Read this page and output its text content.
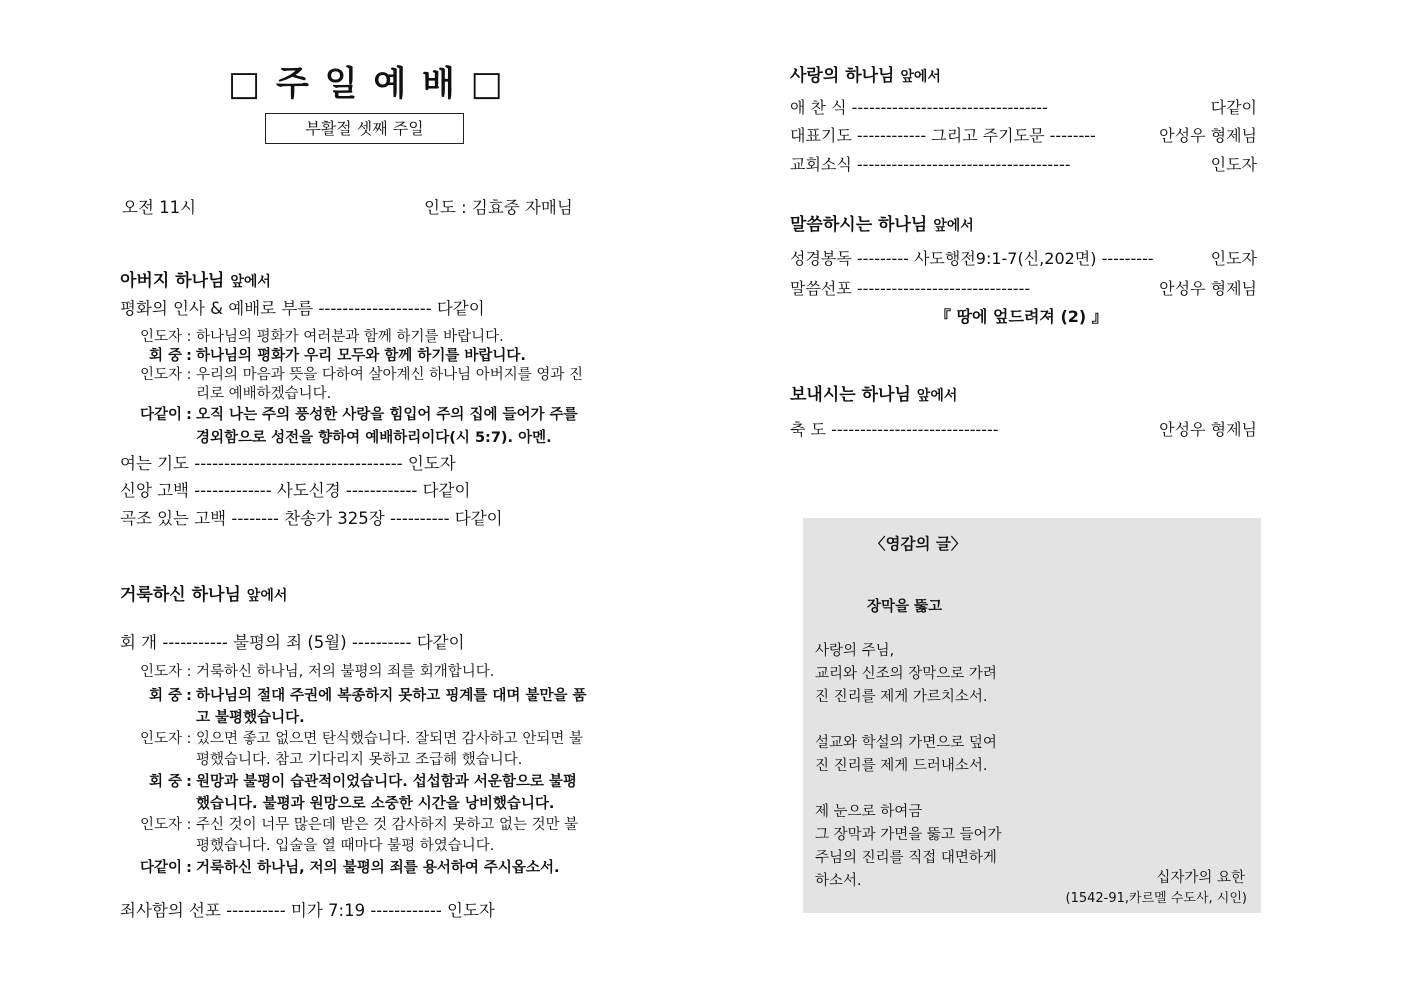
□ 주 일 예 배 □
부활절 셋째 주일
오전 11시	인도 : 김효중 자매님
아버지 하나님 앞에서
평화의 인사 & 예배로 부름 ------------------- 다같이
인도자 : 하나님의 평화가 여러분과 함께 하기를 바랍니다.
회 중 : 하나님의 평화가 우리 모두와 함께 하기를 바랍니다.
인도자 : 우리의 마음과 뜻을 다하여 살아계신 하나님 아버지를 영과 진리로 예배하겠습니다.
다같이 : 오직 나는 주의 풍성한 사랑을 힘입어 주의 집에 들어가 주를 경외함으로 성전을 향하여 예배하리이다(시 5:7). 아멘.
여는 기도 ----------------------------------- 인도자
신앙 고백 ------------- 사도신경 ------------ 다같이
곡조 있는 고백 -------- 찬송가 325장 ---------- 다같이
거룩하신 하나님 앞에서
회 개 ----------- 불평의 죄 (5월) ---------- 다같이
인도자 : 거룩하신 하나님, 저의 불평의 죄를 회개합니다.
회 중 : 하나님의 절대 주권에 복종하지 못하고 핑계를 대며 불만을 품고 불평했습니다.
인도자 : 있으면 좋고 없으면 탄식했습니다. 잘되면 감사하고 안되면 불평했습니다. 참고 기다리지 못하고 조급해 했습니다.
회 중 : 원망과 불평이 습관적이었습니다. 섭섭함과 서운함으로 불평했습니다. 불평과 원망으로 소중한 시간을 낭비했습니다.
인도자 : 주신 것이 너무 많은데 받은 것 감사하지 못하고 없는 것만 불평했습니다. 입술을 열 때마다 불평 하였습니다.
다같이 : 거룩하신 하나님, 저의 불평의 죄를 용서하여 주시옵소서.
죄사함의 선포 ---------- 미가 7:19 ------------ 인도자
사랑의 하나님 앞에서
애 찬 식 ----------------------------------	다같이
대표기도 ------------ 그리고 주기도문 --------	안성우 형제님
교회소식 -------------------------------------	인도자
말씀하시는 하나님 앞에서
성경봉독 --------- 사도행전9:1-7(신,202면) ---------	인도자
말씀선포 ------------------------------	안성우 형제님
『 땅에 엎드려져 (2) 』
보내시는 하나님 앞에서
축 도 -----------------------------	안성우 형제님
〈영감의 글〉
장막을 뚫고
사랑의 주님,
교리와 신조의 장막으로 가려
진 진리를 제게 가르치소서.
설교와 학설의 가면으로 덮여
진 진리를 제게 드러내소서.
제 눈으로 하여금
그 장막과 가면을 뚫고 들어가
주님의 진리를 직접 대면하게
하소서.	십자가의 요한
(1542-91,카르멜 수도사, 시인)
